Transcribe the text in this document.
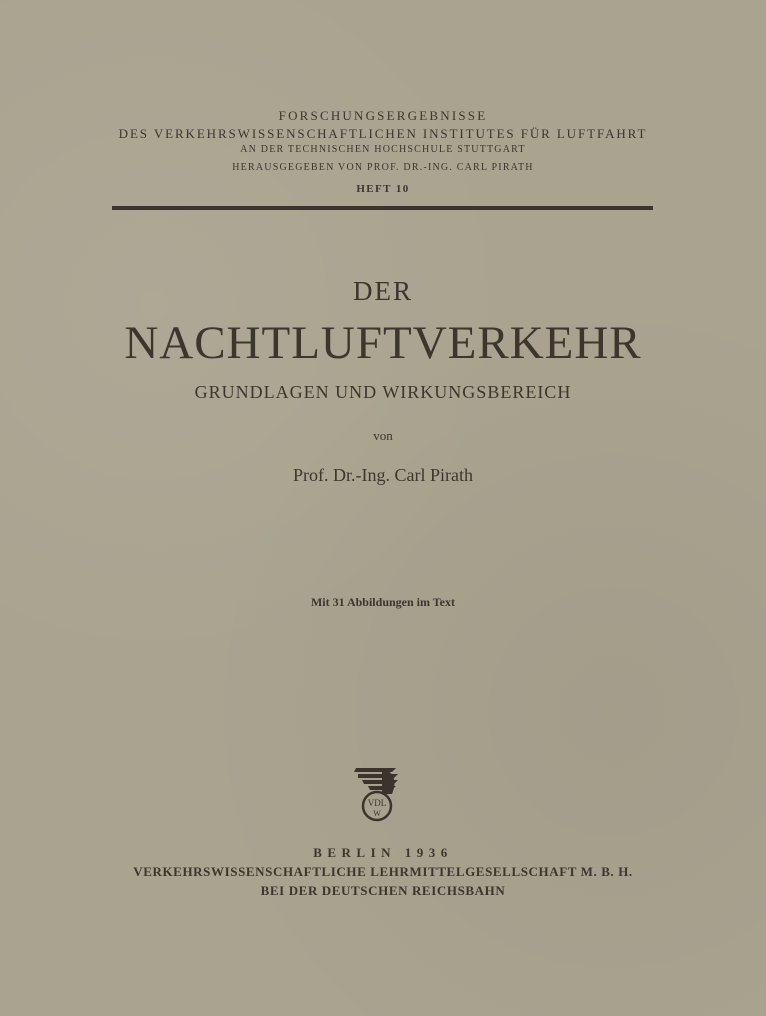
FORSCHUNGSERGEBNISSE
DES VERKEHRSWISSENSCHAFTLICHEN INSTITUTES FÜR LUFTFAHRT
AN DER TECHNISCHEN HOCHSCHULE STUTTGART
HERAUSGEGEBEN VON PROF. DR.-ING. CARL PIRATH
HEFT 10
DER
NACHTLUFTVERKEHR
GRUNDLAGEN UND WIRKUNGSBEREICH
von
Prof. Dr.-Ing. Carl Pirath
Mit 31 Abbildungen im Text
VDL
W
BERLIN 1936
VERKEHRSWISSENSCHAFTLICHE LEHRMITTELGESELLSCHAFT M. B. H.
BEI DER DEUTSCHEN REICHSBAHN
